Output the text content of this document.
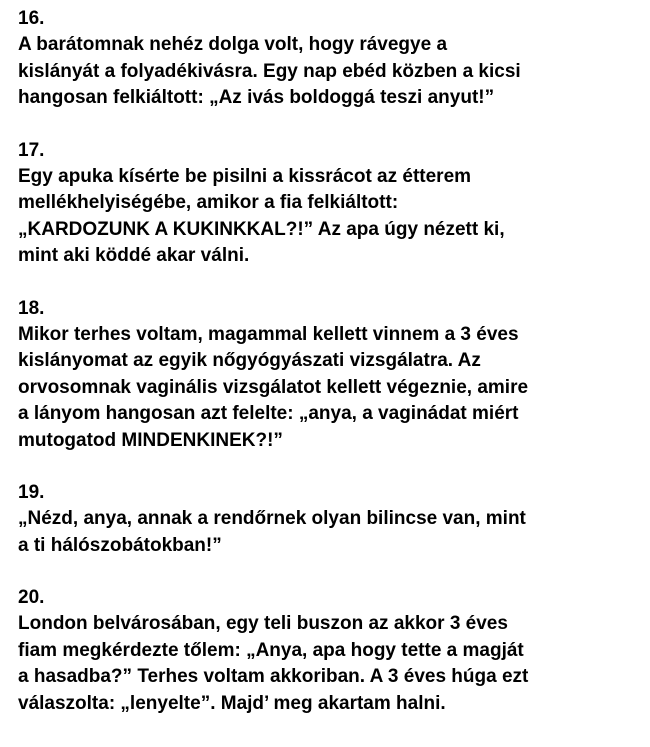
16.

A barátomnak nehéz dolga volt, hogy rávegye a

kislányát a folyadékivásra. Egy nap ebéd közben a kicsi

hangosan felkiáltott: „Az ivás boldoggá teszi anyut!”

17.

Egy apuka kísérte be pisilni a kissrácot az étterem

mellékhelyiségébe, amikor a fia felkiáltott:

„KARDOZUNK A KUKINKKAL?!” Az apa úgy nézett ki,

mint aki köddé akar válni.

18.

Mikor terhes voltam, magammal kellett vinnem a 3 éves

kislányomat az egyik nőgyógyászati vizsgálatra. Az

orvosomnak vaginális vizsgálatot kellett végeznie, amire

a lányom hangosan azt felelte: „anya, a vaginádat miért

mutogatod MINDENKINEK?!”

19.

„Nézd, anya, annak a rendőrnek olyan bilincse van, mint

a ti hálószobátokban!”

20.

London belvárosában, egy teli buszon az akkor 3 éves

fiam megkérdezte tőlem: „Anya, apa hogy tette a magját

a hasadba?” Terhes voltam akkoriban. A 3 éves húga ezt

válaszolta: „lenyelte”. Majd’ meg akartam halni.
